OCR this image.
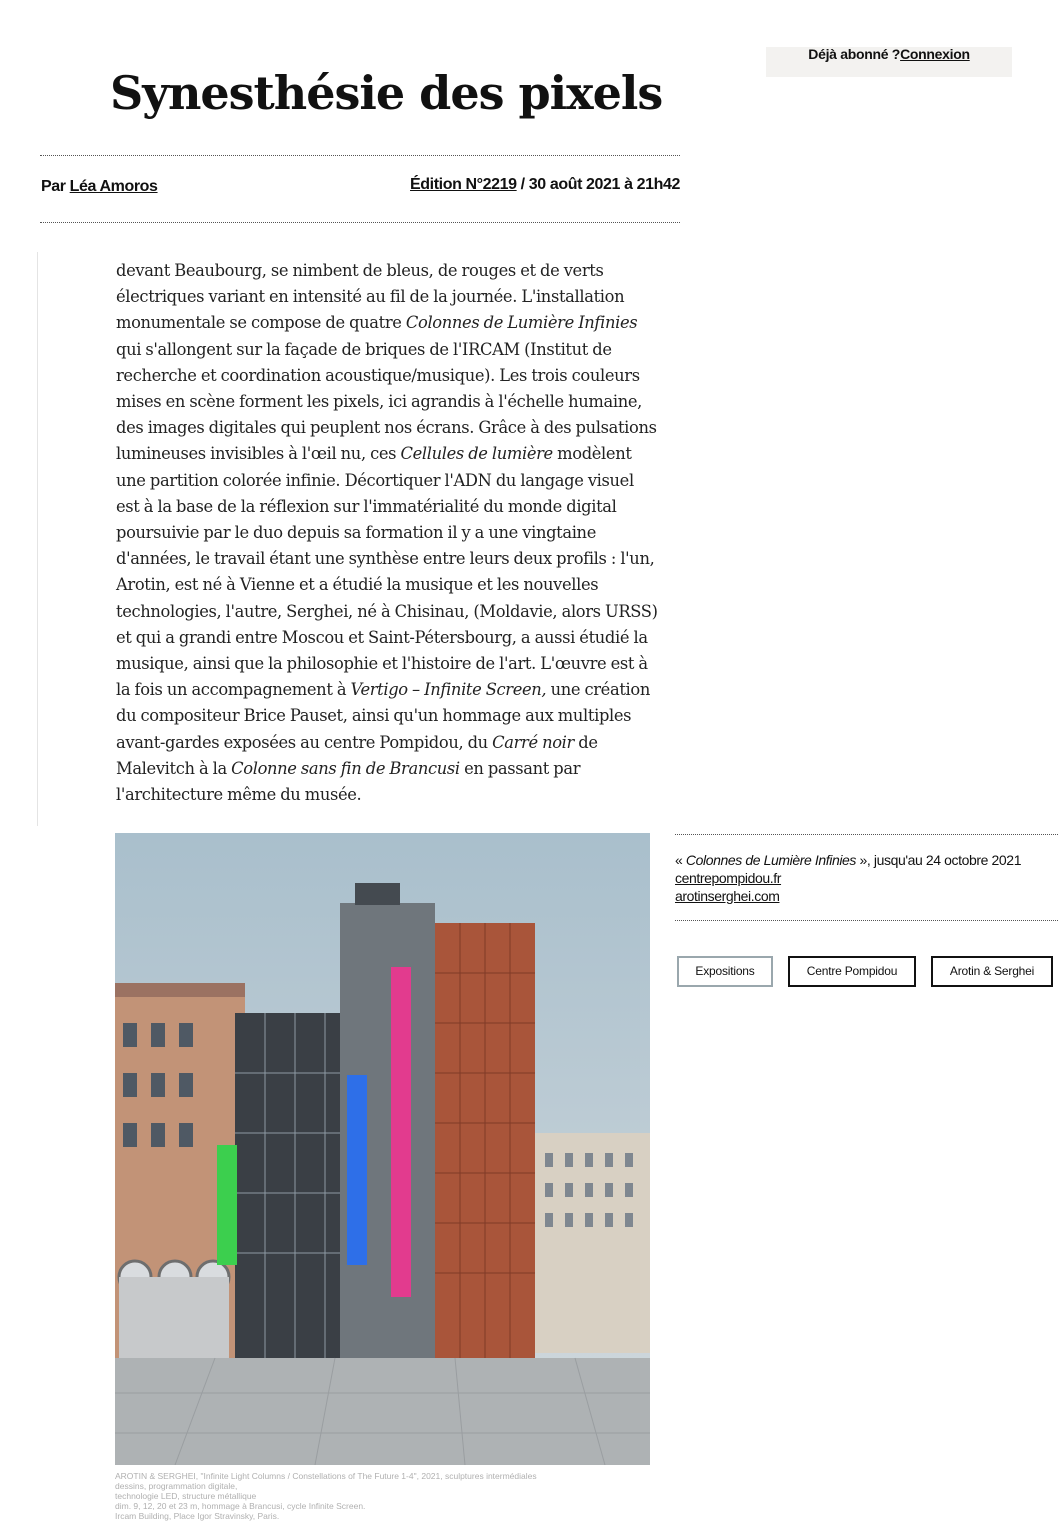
Déjà abonné ?Connexion
Synesthésie des pixels
Par Léa Amoros	Édition N°2219 / 30 août 2021 à 21h42

devant Beaubourg, se nimbent de bleus, de rouges et de verts électriques variant en intensité au fil de la journée. L'installation monumentale se compose de quatre Colonnes de Lumière Infinies qui s'allongent sur la façade de briques de l'IRCAM (Institut de recherche et coordination acoustique/musique). Les trois couleurs mises en scène forment les pixels, ici agrandis à l'échelle humaine, des images digitales qui peuplent nos écrans. Grâce à des pulsations lumineuses invisibles à l'œil nu, ces Cellules de lumière modèlent une partition colorée infinie. Décortiquer l'ADN du langage visuel est à la base de la réflexion sur l'immatérialité du monde digital poursuivie par le duo depuis sa formation il y a une vingtaine d'années, le travail étant une synthèse entre leurs deux profils : l'un, Arotin, est né à Vienne et a étudié la musique et les nouvelles technologies, l'autre, Serghei, né à Chisinau, (Moldavie, alors URSS) et qui a grandi entre Moscou et Saint-Pétersbourg, a aussi étudié la musique, ainsi que la philosophie et l'histoire de l'art. L'œuvre est à la fois un accompagnement à Vertigo – Infinite Screen, une création du compositeur Brice Pauset, ainsi qu'un hommage aux multiples avant-gardes exposées au centre Pompidou, du Carré noir de Malevitch à la Colonne sans fin de Brancusi en passant par l'architecture même du musée.

AROTIN & SERGHEI, "Infinite Light Columns / Constellations of The Future 1-4", 2021, sculptures intermédiales
dessins, programmation digitale,
technologie LED, structure métallique
dim. 9, 12, 20 et 23 m, hommage à Brancusi, cycle Infinite Screen.
Ircam Building, Place Igor Stravinsky, Paris.
« Colonnes de Lumière Infinies », jusqu'au 24 octobre 2021
centrepompidou.fr
arotinserghei.com
Expositions	Centre Pompidou	Arotin & Serghei
